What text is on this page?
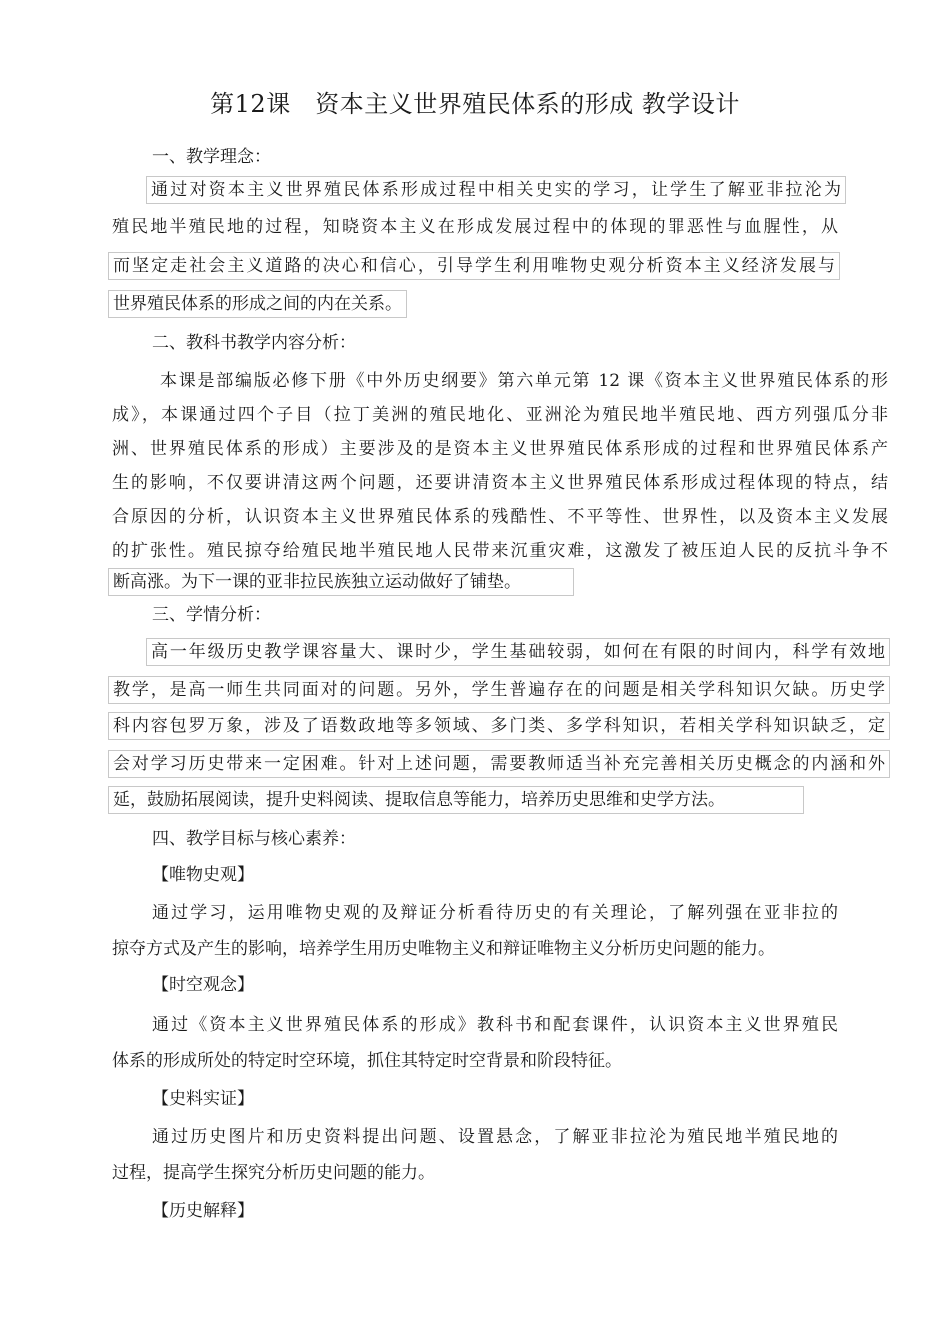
第12课　资本主义世界殖民体系的形成 教学设计
一、教学理念：
通过对资本主义世界殖民体系形成过程中相关史实的学习，让学生了解亚非拉沦为
殖民地半殖民地的过程，知晓资本主义在形成发展过程中的体现的罪恶性与血腥性，从
而坚定走社会主义道路的决心和信心，引导学生利用唯物史观分析资本主义经济发展与
世界殖民体系的形成之间的内在关系。
二、教科书教学内容分析：
本课是部编版必修下册《中外历史纲要》第六单元第 12 课《资本主义世界殖民体系的形
成》，本课通过四个子目（拉丁美洲的殖民地化、亚洲沦为殖民地半殖民地、西方列强瓜分非
洲、世界殖民体系的形成）主要涉及的是资本主义世界殖民体系形成的过程和世界殖民体系产
生的影响，不仅要讲清这两个问题，还要讲清资本主义世界殖民体系形成过程体现的特点，结
合原因的分析，认识资本主义世界殖民体系的残酷性、不平等性、世界性，以及资本主义发展
的扩张性。殖民掠夺给殖民地半殖民地人民带来沉重灾难，这激发了被压迫人民的反抗斗争不
断高涨。为下一课的亚非拉民族独立运动做好了铺垫。
三、学情分析：
高一年级历史教学课容量大、课时少，学生基础较弱，如何在有限的时间内，科学有效地
教学，是高一师生共同面对的问题。另外，学生普遍存在的问题是相关学科知识欠缺。历史学
科内容包罗万象，涉及了语数政地等多领域、多门类、多学科知识，若相关学科知识缺乏，定
会对学习历史带来一定困难。针对上述问题，需要教师适当补充完善相关历史概念的内涵和外
延，鼓励拓展阅读，提升史料阅读、提取信息等能力，培养历史思维和史学方法。
四、教学目标与核心素养：
【唯物史观】
通过学习，运用唯物史观的及辩证分析看待历史的有关理论，了解列强在亚非拉的
掠夺方式及产生的影响，培养学生用历史唯物主义和辩证唯物主义分析历史问题的能力。
【时空观念】
通过《资本主义世界殖民体系的形成》教科书和配套课件，认识资本主义世界殖民
体系的形成所处的特定时空环境，抓住其特定时空背景和阶段特征。
【史料实证】
通过历史图片和历史资料提出问题、设置悬念，了解亚非拉沦为殖民地半殖民地的
过程，提高学生探究分析历史问题的能力。
【历史解释】
